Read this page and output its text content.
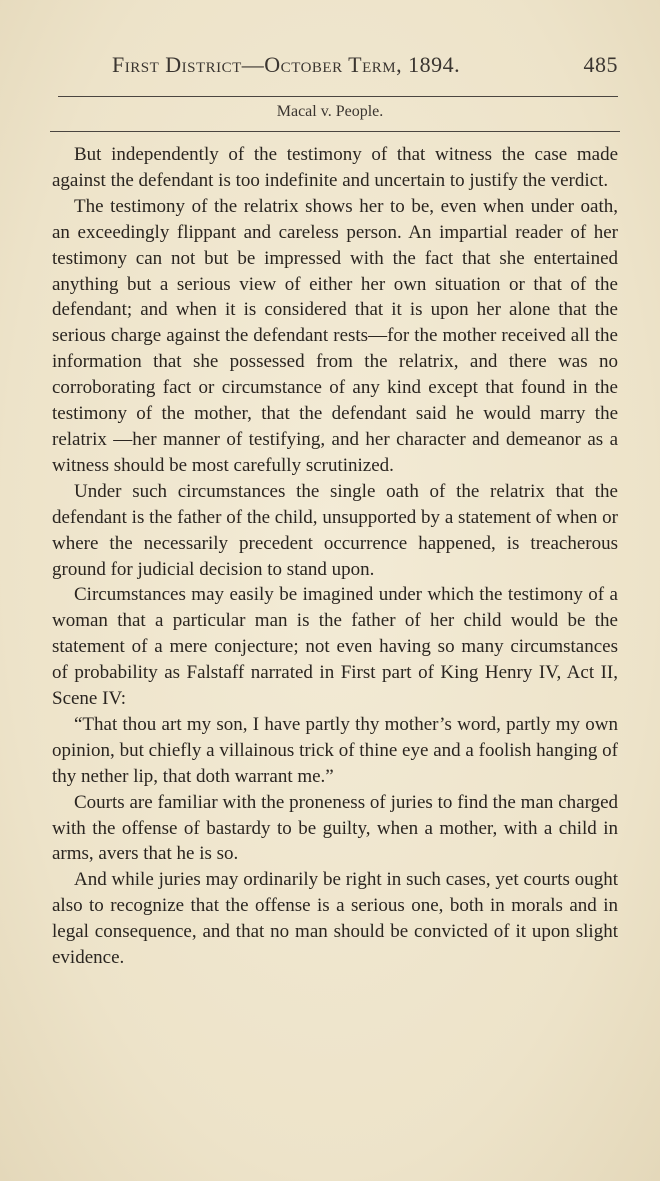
First District—October Term, 1894.	485
Macal v. People.

But independently of the testimony of that witness the case made against the defendant is too indefinite and uncertain to justify the verdict.

The testimony of the relatrix shows her to be, even when under oath, an exceedingly flippant and careless person. An impartial reader of her testimony can not but be impressed with the fact that she entertained anything but a serious view of either her own situation or that of the defendant; and when it is considered that it is upon her alone that the serious charge against the defendant rests—for the mother received all the information that she possessed from the relatrix, and there was no corroborating fact or circumstance of any kind except that found in the testimony of the mother, that the defendant said he would marry the relatrix —her manner of testifying, and her character and demeanor as a witness should be most carefully scrutinized.

Under such circumstances the single oath of the relatrix that the defendant is the father of the child, unsupported by a statement of when or where the necessarily precedent occurrence happened, is treacherous ground for judicial decision to stand upon.

Circumstances may easily be imagined under which the testimony of a woman that a particular man is the father of her child would be the statement of a mere conjecture; not even having so many circumstances of probability as Falstaff narrated in First part of King Henry IV, Act II, Scene IV:

“That thou art my son, I have partly thy mother’s word, partly my own opinion, but chiefly a villainous trick of thine eye and a foolish hanging of thy nether lip, that doth warrant me.”

Courts are familiar with the proneness of juries to find the man charged with the offense of bastardy to be guilty, when a mother, with a child in arms, avers that he is so.

And while juries may ordinarily be right in such cases, yet courts ought also to recognize that the offense is a serious one, both in morals and in legal consequence, and that no man should be convicted of it upon slight evidence.
